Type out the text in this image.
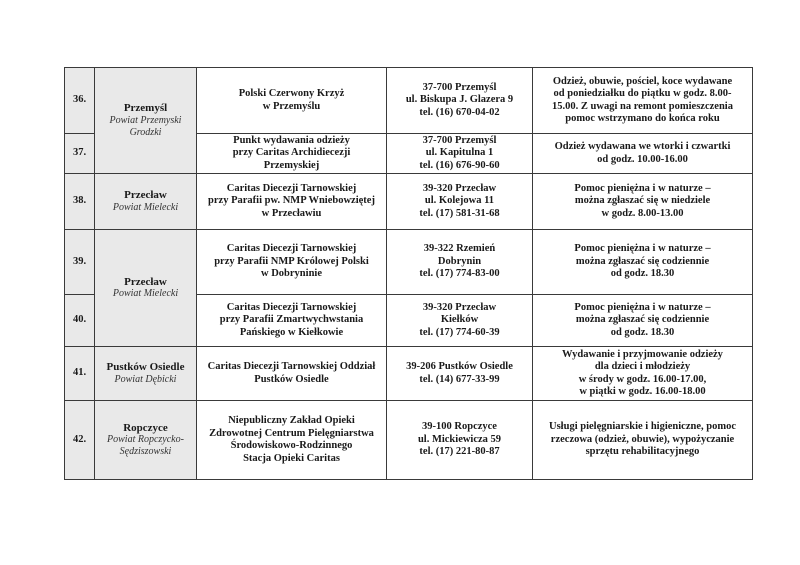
36.	Przemyśl
Powiat Przemyski
Grodzki	Polski Czerwony Krzyż
w Przemyślu	37-700 Przemyśl
ul. Biskupa J. Glazera 9
tel. (16) 670-04-02	Odzież, obuwie, pościel, koce wydawane
od poniedziałku do piątku w godz. 8.00-
15.00. Z uwagi na remont pomieszczenia
pomoc wstrzymano do końca roku

37.		Punkt wydawania odzieży
przy Caritas Archidiecezji
Przemyskiej	37-700 Przemyśl
ul. Kapitulna 1
tel. (16) 676-90-60	Odzież wydawana we wtorki i czwartki
od godz. 10.00-16.00

38.	Przecław
Powiat Mielecki	Caritas Diecezji Tarnowskiej
przy Parafii pw. NMP Wniebowziętej
w Przecławiu	39-320 Przecław
ul. Kolejowa 11
tel. (17) 581-31-68	Pomoc pieniężna i w naturze –
można zgłaszać się w niedziele
w godz. 8.00-13.00

39.	Przecław
Powiat Mielecki	Caritas Diecezji Tarnowskiej
przy Parafii NMP Królowej Polski
w Dobryninie	39-322 Rzemień
Dobrynin
tel. (17) 774-83-00	Pomoc pieniężna i w naturze –
można zgłaszać się codziennie
od godz. 18.30

40.		Caritas Diecezji Tarnowskiej
przy Parafii Zmartwychwstania
Pańskiego w Kiełkowie	39-320 Przecław
Kiełków
tel. (17) 774-60-39	Pomoc pieniężna i w naturze –
można zgłaszać się codziennie
od godz. 18.30

41.	Pustków Osiedle
Powiat Dębicki	Caritas Diecezji Tarnowskiej Oddział
Pustków Osiedle	39-206 Pustków Osiedle
tel. (14) 677-33-99	Wydawanie i przyjmowanie odzieży
dla dzieci i młodzieży
w środy w godz. 16.00-17.00,
w piątki w godz. 16.00-18.00

42.	Ropczyce
Powiat Ropczycko-
Sędziszowski	Niepubliczny Zakład Opieki
Zdrowotnej Centrum Pielęgniarstwa
Środowiskowo-Rodzinnego
Stacja Opieki Caritas	39-100 Ropczyce
ul. Mickiewicza 59
tel. (17) 221-80-87	Usługi pielęgniarskie i higieniczne, pomoc
rzeczowa (odzież, obuwie), wypożyczanie
sprzętu rehabilitacyjnego
